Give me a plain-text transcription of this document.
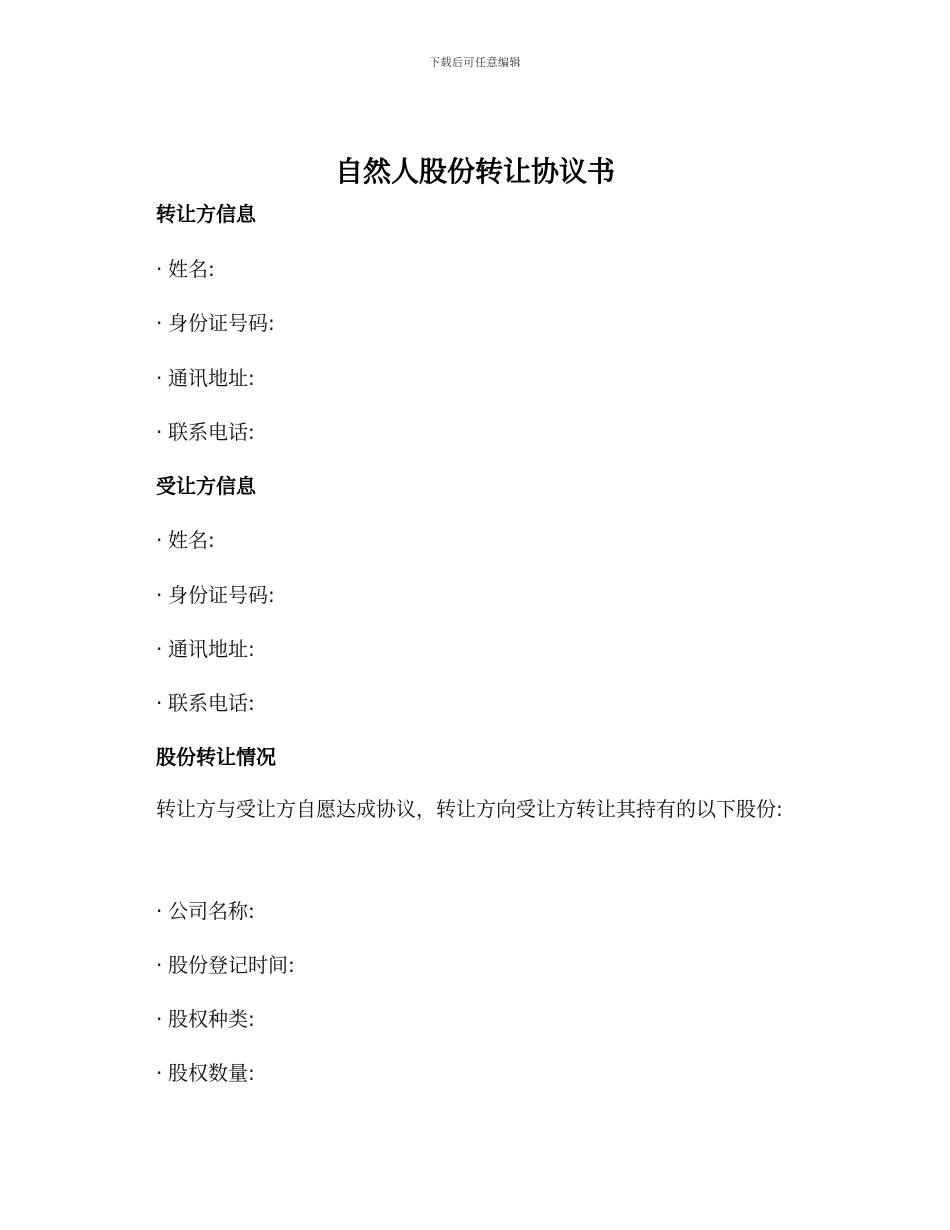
下载后可任意编辑
自然人股份转让协议书
转让方信息
· 姓名:
· 身份证号码:
· 通讯地址:
· 联系电话:
受让方信息
· 姓名:
· 身份证号码:
· 通讯地址:
· 联系电话:
股份转让情况
转让方与受让方自愿达成协议，转让方向受让方转让其持有的以下股份:
· 公司名称:
· 股份登记时间:
· 股权种类:
· 股权数量:
